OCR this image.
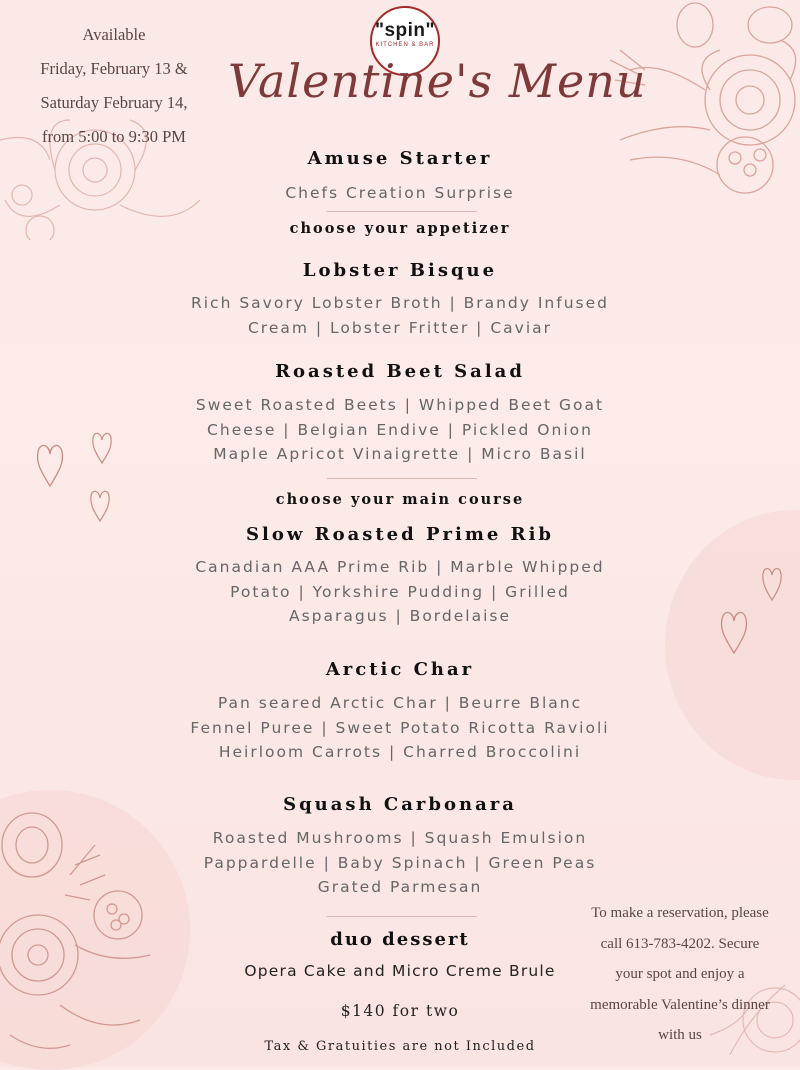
Available
Friday, February 13 &
Saturday February 14,
from 5:00 to 9:30 PM
"spin"
KITCHEN & BAR
Valentine's Menu
Amuse Starter
Chefs Creation Surprise
choose your appetizer
Lobster Bisque
Rich Savory Lobster Broth | Brandy Infused
Cream | Lobster Fritter | Caviar
Roasted Beet Salad
Sweet Roasted Beets | Whipped Beet Goat
Cheese | Belgian Endive | Pickled Onion
Maple Apricot Vinaigrette | Micro Basil
choose your main course
Slow Roasted Prime Rib
Canadian AAA Prime Rib | Marble Whipped
Potato | Yorkshire Pudding | Grilled
Asparagus | Bordelaise
Arctic Char
Pan seared Arctic Char | Beurre Blanc
Fennel Puree | Sweet Potato Ricotta Ravioli
Heirloom Carrots | Charred Broccolini
Squash Carbonara
Roasted Mushrooms | Squash Emulsion
Pappardelle | Baby Spinach | Green Peas
Grated Parmesan
duo dessert
Opera Cake and Micro Creme Brule
$140 for two
Tax & Gratuities are not Included
To make a reservation, please
call 613-783-4202. Secure
your spot and enjoy a
memorable Valentine’s dinner
with us
